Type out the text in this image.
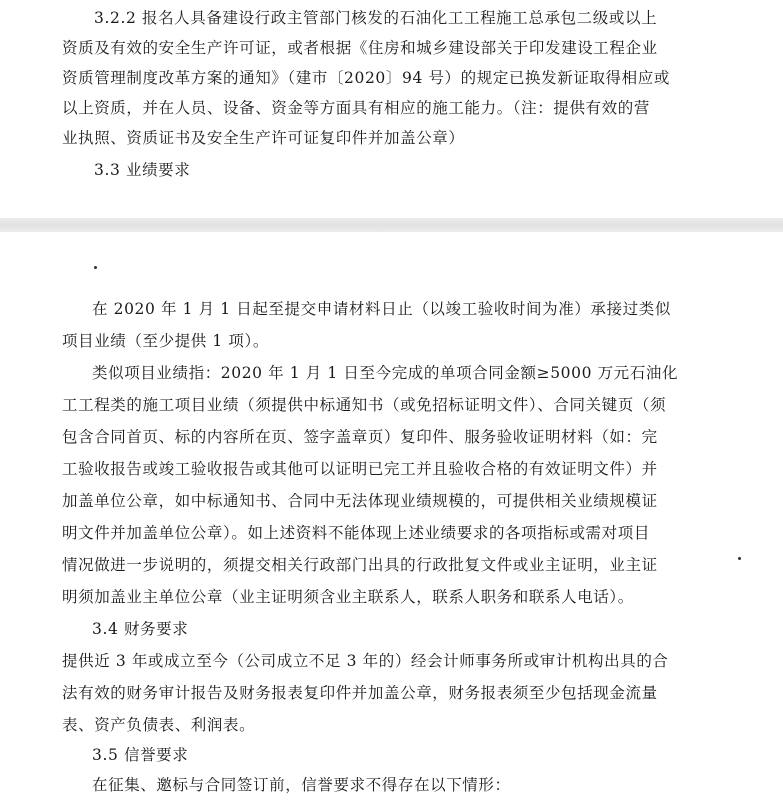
3.2.2 报名人具备建设行政主管部门核发的石油化工工程施工总承包二级或以上
资质及有效的安全生产许可证，或者根据《住房和城乡建设部关于印发建设工程企业
资质管理制度改革方案的通知》（建市〔2020〕94 号）的规定已换发新证取得相应或
以上资质，并在人员、设备、资金等方面具有相应的施工能力。（注：提供有效的营
业执照、资质证书及安全生产许可证复印件并加盖公章）
3.3 业绩要求
在 2020 年 1 月 1 日起至提交申请材料日止（以竣工验收时间为准）承接过类似
项目业绩（至少提供 1 项）。
类似项目业绩指：2020 年 1 月 1 日至今完成的单项合同金额≥5000 万元石油化
工工程类的施工项目业绩（须提供中标通知书（或免招标证明文件）、合同关键页（须
包含合同首页、标的内容所在页、签字盖章页）复印件、服务验收证明材料（如：完
工验收报告或竣工验收报告或其他可以证明已完工并且验收合格的有效证明文件）并
加盖单位公章，如中标通知书、合同中无法体现业绩规模的，可提供相关业绩规模证
明文件并加盖单位公章）。如上述资料不能体现上述业绩要求的各项指标或需对项目
情况做进一步说明的，须提交相关行政部门出具的行政批复文件或业主证明，业主证
明须加盖业主单位公章（业主证明须含业主联系人，联系人职务和联系人电话）。
3.4 财务要求
提供近 3 年或成立至今（公司成立不足 3 年的）经会计师事务所或审计机构出具的合
法有效的财务审计报告及财务报表复印件并加盖公章，财务报表须至少包括现金流量
表、资产负债表、利润表。
3.5 信誉要求
在征集、邀标与合同签订前，信誉要求不得存在以下情形：
